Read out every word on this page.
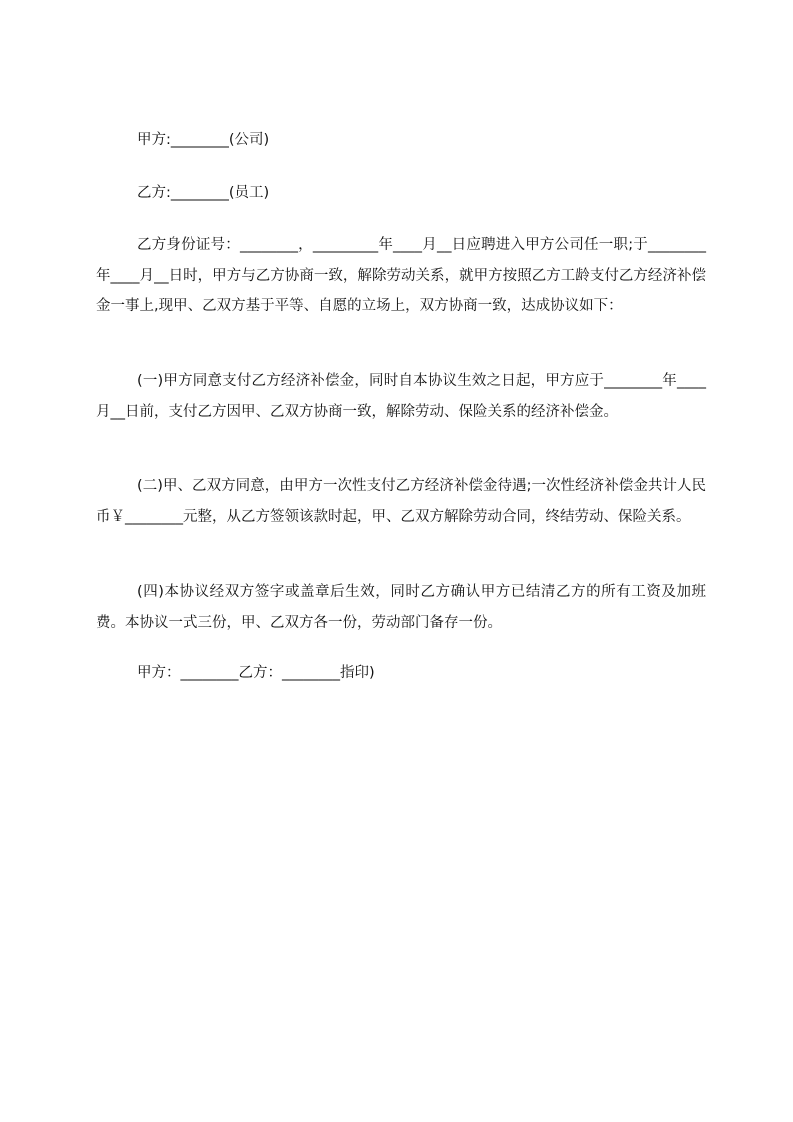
甲方:________(公司)
乙方:________(员工)
乙方身份证号：________，_________年____月__日应聘进入甲方公司任一职;于________年____月__日时，甲方与乙方协商一致，解除劳动关系，就甲方按照乙方工龄支付乙方经济补偿金一事上,现甲、乙双方基于平等、自愿的立场上，双方协商一致，达成协议如下：
(一)甲方同意支付乙方经济补偿金，同时自本协议生效之日起，甲方应于________年____月__日前，支付乙方因甲、乙双方协商一致，解除劳动、保险关系的经济补偿金。
(二)甲、乙双方同意，由甲方一次性支付乙方经济补偿金待遇;一次性经济补偿金共计人民币￥________元整，从乙方签领该款时起，甲、乙双方解除劳动合同，终结劳动、保险关系。
(四)本协议经双方签字或盖章后生效，同时乙方确认甲方已结清乙方的所有工资及加班费。本协议一式三份，甲、乙双方各一份，劳动部门备存一份。
甲方：________乙方：________指印)
